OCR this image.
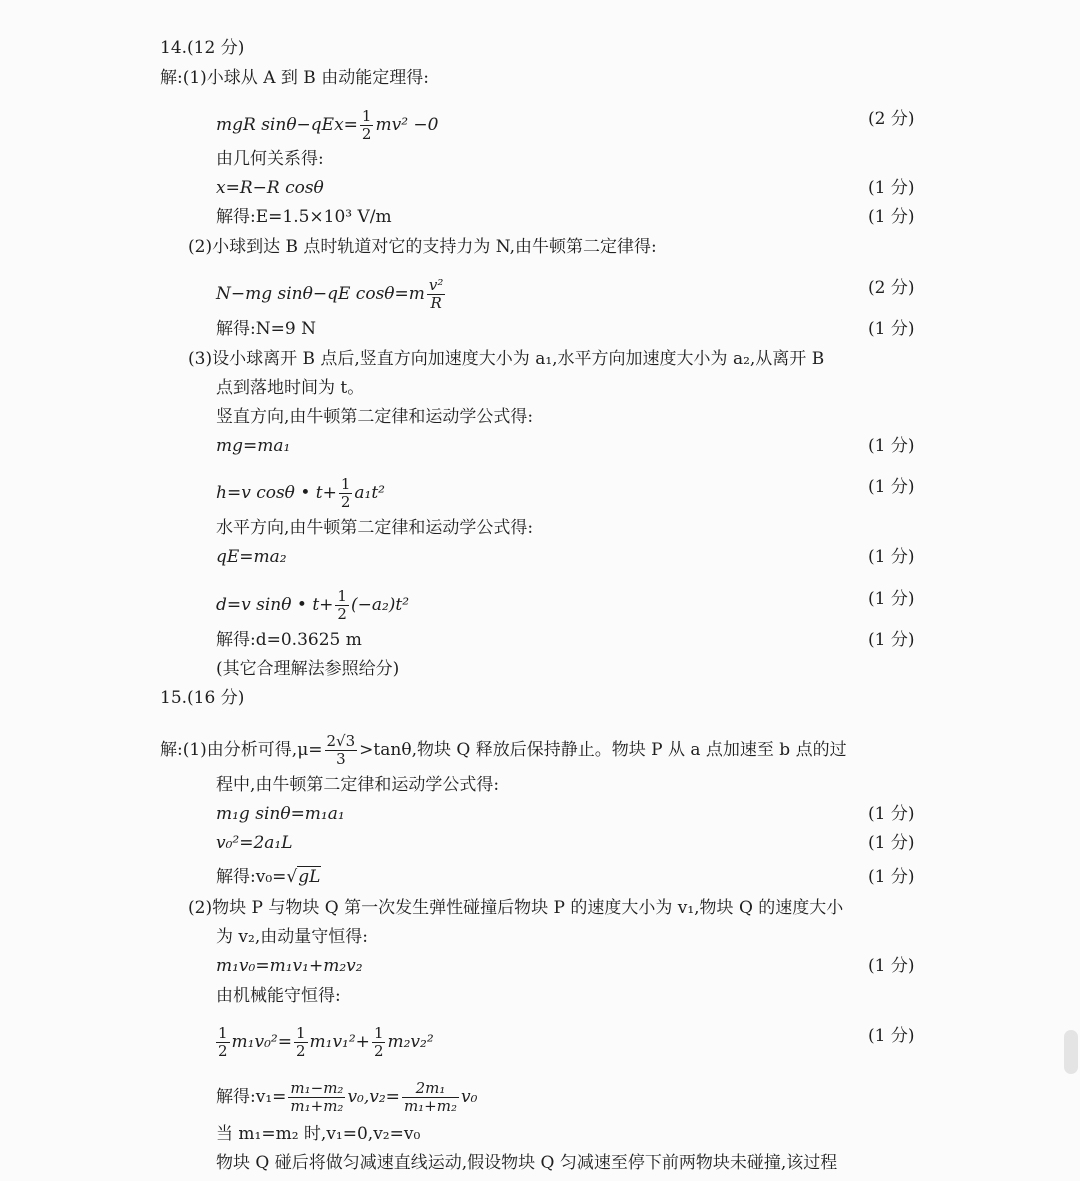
14.(12 分)
解:(1)小球从 A 到 B 由动能定理得:
mgR $\sin\theta-qEx= \frac{1}{2} mv^2 -0$	(2 分)
由几何关系得:
x=R−R cosθ	(1 分)
解得:E=1.5×10³ V/m	(1 分)
(2)小球到达 B 点时轨道对它的支持力为 N,由牛顿第二定律得:
N−mg sinθ−qE $\cos\theta=m \frac{\text{v²}}{R}$	(2 分)
解得:N=9 N	(1 分)
(3)设小球离开 B 点后,竖直方向加速度大小为 a₁,水平方向加速度大小为 a₂,从离开 B
点到落地时间为 t。
竖直方向,由牛顿第二定律和运动学公式得:
mg=ma₁	(1 分)
h=v cosθ • $t+ \frac{1}{2} a_1t^2$	(1 分)
水平方向,由牛顿第二定律和运动学公式得:
qE=ma₂	(1 分)
d=v sinθ • $t+ \frac{1}{2} (-a_2)t^2$	(1 分)
解得:d=0.3625 m	(1 分)
(其它合理解法参照给分)
15.(16 分)
解:(1)由分析可得$,\mu= \frac{2√3}{3} >\tan\theta$,物块 Q 释放后保持静止。物块 P 从 a 点加速至 b 点的过
程中,由牛顿第二定律和运动学公式得:
m₁g sinθ=m₁a₁	(1 分)
v₀²=2a₁L	(1 分)
解得:v₀=√gL	(1 分)
(2)物块 P 与物块 Q 第一次发生弹性碰撞后物块 P 的速度大小为 v₁,物块 Q 的速度大小
为 v₂,由动量守恒得:
m₁v₀=m₁v₁+m₂v₂	(1 分)
由机械能守恒得:
$\frac{1}{2} m_1v_0^2= \frac{1}{2} m_1v_1^2+ \frac{1}{2} m_2v_2^2$	(1 分)
解得:v₁= $\frac{\text{m₁−m₂}}{\text{m₁+m₂}} v_0,v_2= \frac{\text{2m₁}}{\text{m₁+m₂}} v_0$
当 m₁=m₂ 时,v₁=0,v₂=v₀
物块 Q 碰后将做匀减速直线运动,假设物块 Q 匀减速至停下前两物块未碰撞,该过程
